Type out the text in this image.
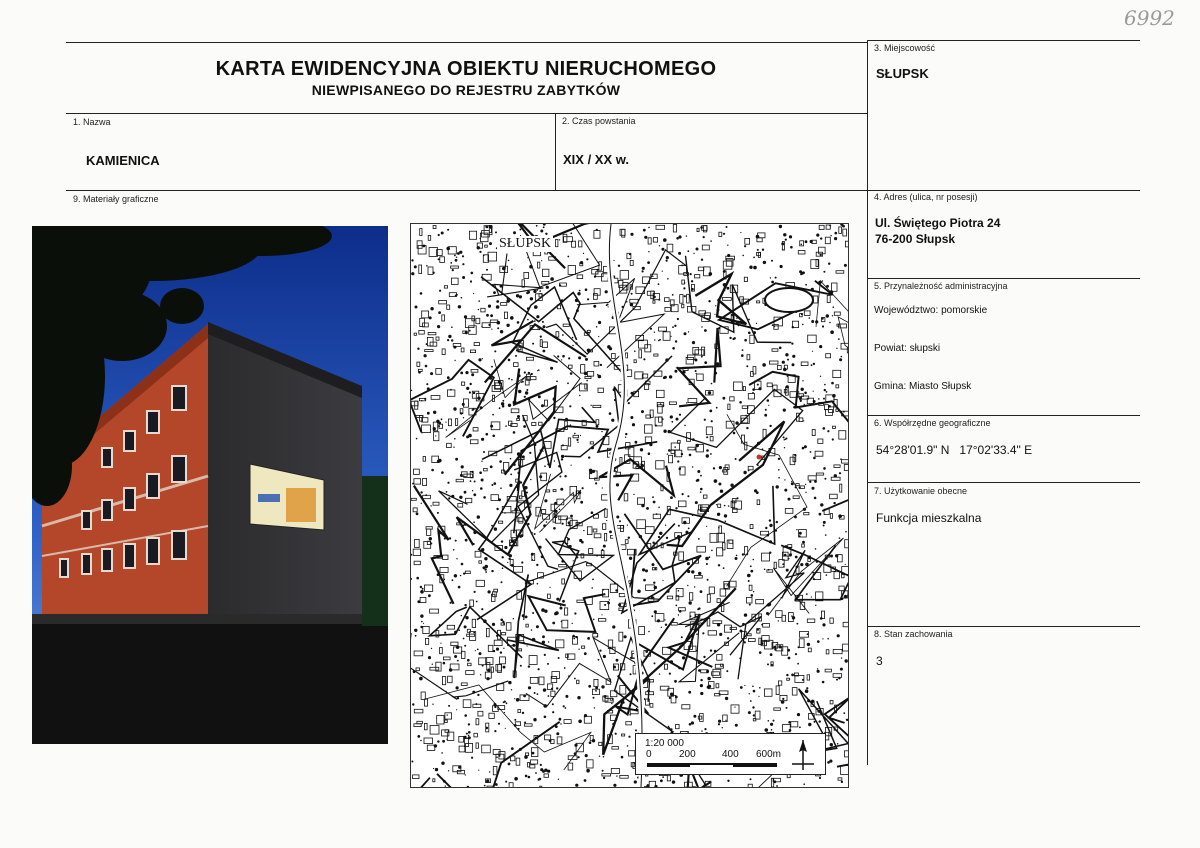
6992
KARTA EWIDENCYJNA OBIEKTU NIERUCHOMEGO
NIEWPISANEGO DO REJESTRU ZABYTKÓW
3. Miejscowość
SŁUPSK
1. Nazwa
KAMIENICA
2. Czas powstania
XIX / XX w.
9. Materiały graficzne	4. Adres (ulica, nr posesji)
Ul. Świętego Piotra 24
76-200 Słupsk
5. Przynależność administracyjna
Województwo: pomorskie
Powiat: słupski
Gmina: Miasto Słupsk
6. Współrzędne geograficzne
54°28'01.9" N   17°02'33.4" E
7. Użytkowanie obecne
Funkcja mieszkalna
8. Stan zachowania
3
SŁUPSK
1:20 000
0	200	400 600m
